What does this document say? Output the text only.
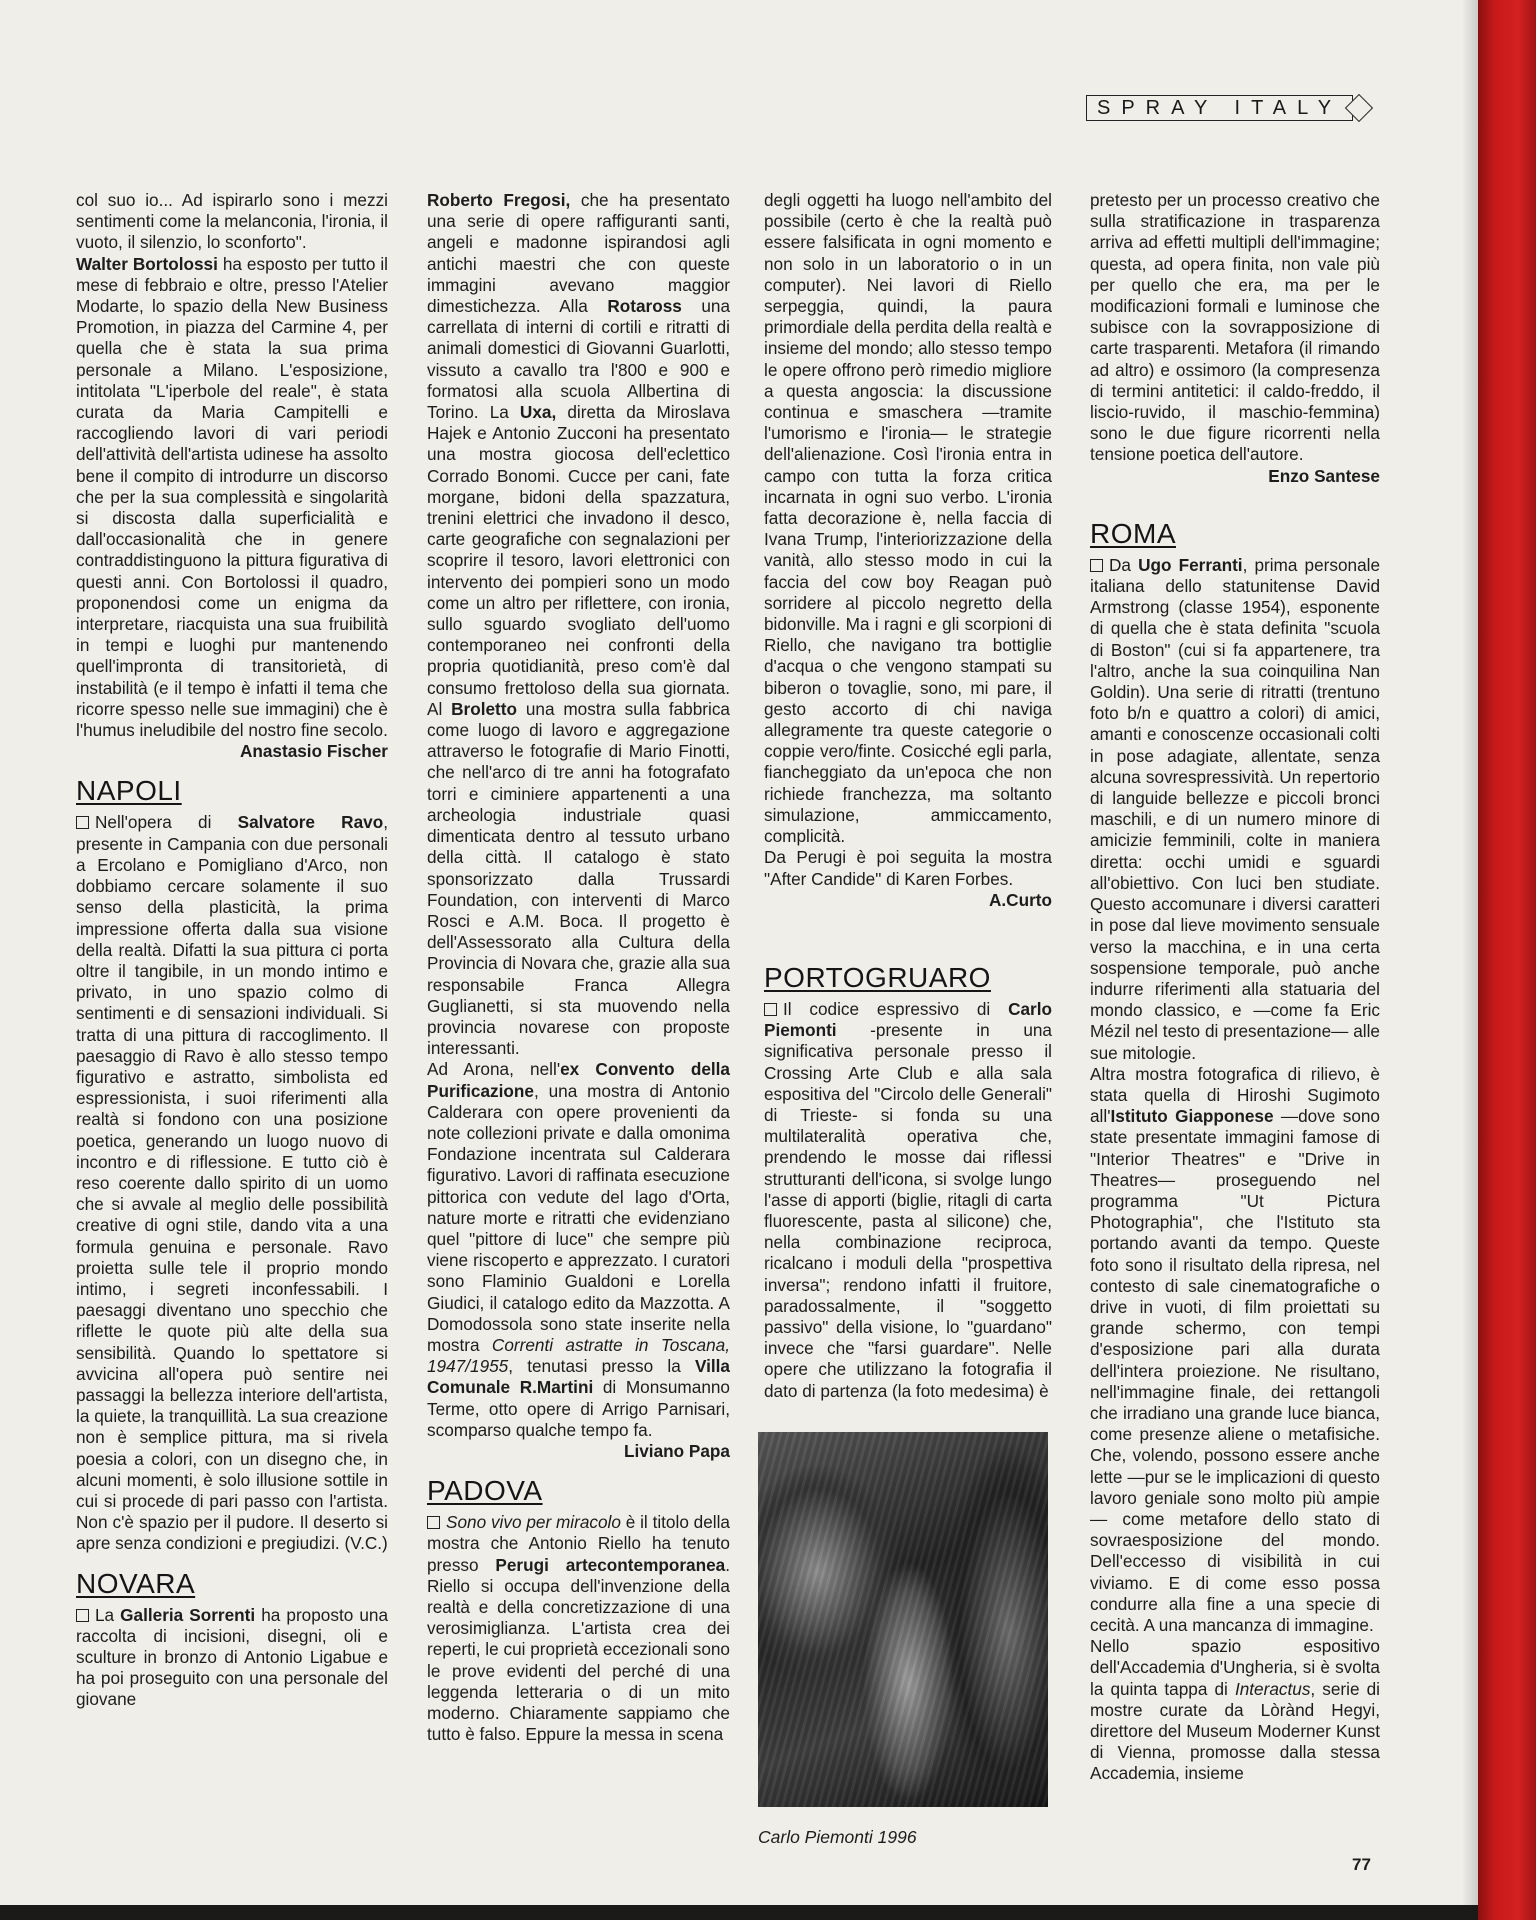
SPRAY ITALY

col suo io... Ad ispirarlo sono i mezzi sentimenti come la melanconia, l'ironia, il vuoto, il silenzio, lo sconforto".

Walter Bortolossi ha esposto per tutto il mese di febbraio e oltre, presso l'Atelier Modarte, lo spazio della New Business Promotion, in piazza del Carmine 4, per quella che è stata la sua prima personale a Milano. L'esposizione, intitolata "L'iperbole del reale", è stata curata da Maria Campitelli e raccogliendo lavori di vari periodi dell'attività dell'artista udinese ha assolto bene il compito di introdurre un discorso che per la sua complessità e singolarità si discosta dalla superficialità e dall'occasionalità che in genere contraddistinguono la pittura figurativa di questi anni. Con Bortolossi il quadro, proponendosi come un enigma da interpretare, riacquista una sua fruibilità in tempi e luoghi pur mantenendo quell'impronta di transitorietà, di instabilità (e il tempo è infatti il tema che ricorre spesso nelle sue immagini) che è l'humus ineludibile del nostro fine secolo.

Anastasio Fischer

NAPOLI

Nell'opera di Salvatore Ravo, presente in Campania con due personali a Ercolano e Pomigliano d'Arco, non dobbiamo cercare solamente il suo senso della plasticità, la prima impressione offerta dalla sua visione della realtà. Difatti la sua pittura ci porta oltre il tangibile, in un mondo intimo e privato, in uno spazio colmo di sentimenti e di sensazioni individuali. Si tratta di una pittura di raccoglimento. Il paesaggio di Ravo è allo stesso tempo figurativo e astratto, simbolista ed espressionista, i suoi riferimenti alla realtà si fondono con una posizione poetica, generando un luogo nuovo di incontro e di riflessione. E tutto ciò è reso coerente dallo spirito di un uomo che si avvale al meglio delle possibilità creative di ogni stile, dando vita a una formula genuina e personale. Ravo proietta sulle tele il proprio mondo intimo, i segreti inconfessabili. I paesaggi diventano uno specchio che riflette le quote più alte della sua sensibilità. Quando lo spettatore si avvicina all'opera può sentire nei passaggi la bellezza interiore dell'artista, la quiete, la tranquillità. La sua creazione non è semplice pittura, ma si rivela poesia a colori, con un disegno che, in alcuni momenti, è solo illusione sottile in cui si procede di pari passo con l'artista. Non c'è spazio per il pudore. Il deserto si apre senza condizioni e pregiudizi. (V.C.)

NOVARA

La Galleria Sorrenti ha proposto una raccolta di incisioni, disegni, oli e sculture in bronzo di Antonio Ligabue e ha poi proseguito con una personale del giovane

Roberto Fregosi, che ha presentato una serie di opere raffiguranti santi, angeli e madonne ispirandosi agli antichi maestri che con queste immagini avevano maggior dimestichezza. Alla Rotaross una carrellata di interni di cortili e ritratti di animali domestici di Giovanni Guarlotti, vissuto a cavallo tra l'800 e 900 e formatosi alla scuola Allbertina di Torino. La Uxa, diretta da Miroslava Hajek e Antonio Zucconi ha presentato una mostra giocosa dell'eclettico Corrado Bonomi. Cucce per cani, fate morgane, bidoni della spazzatura, trenini elettrici che invadono il desco, carte geografiche con segnalazioni per scoprire il tesoro, lavori elettronici con intervento dei pompieri sono un modo come un altro per riflettere, con ironia, sullo sguardo svogliato dell'uomo contemporaneo nei confronti della propria quotidianità, preso com'è dal consumo frettoloso della sua giornata. Al Broletto una mostra sulla fabbrica come luogo di lavoro e aggregazione attraverso le fotografie di Mario Finotti, che nell'arco di tre anni ha fotografato torri e ciminiere appartenenti a una archeologia industriale quasi dimenticata dentro al tessuto urbano della città. Il catalogo è stato sponsorizzato dalla Trussardi Foundation, con interventi di Marco Rosci e A.M. Boca. Il progetto è dell'Assessorato alla Cultura della Provincia di Novara che, grazie alla sua responsabile Franca Allegra Guglianetti, si sta muovendo nella provincia novarese con proposte interessanti.

Ad Arona, nell'ex Convento della Purificazione, una mostra di Antonio Calderara con opere provenienti da note collezioni private e dalla omonima Fondazione incentrata sul Calderara figurativo. Lavori di raffinata esecuzione pittorica con vedute del lago d'Orta, nature morte e ritratti che evidenziano quel "pittore di luce" che sempre più viene riscoperto e apprezzato. I curatori sono Flaminio Gualdoni e Lorella Giudici, il catalogo edito da Mazzotta. A Domodossola sono state inserite nella mostra Correnti astratte in Toscana, 1947/1955, tenutasi presso la Villa Comunale R.Martini di Monsumanno Terme, otto opere di Arrigo Parnisari, scomparso qualche tempo fa.

Liviano Papa

PADOVA

Sono vivo per miracolo è il titolo della mostra che Antonio Riello ha tenuto presso Perugi artecontemporanea. Riello si occupa dell'invenzione della realtà e della concretizzazione di una verosimiglianza. L'artista crea dei reperti, le cui proprietà eccezionali sono le prove evidenti del perché di una leggenda letteraria o di un mito moderno. Chiaramente sappiamo che tutto è falso. Eppure la messa in scena

degli oggetti ha luogo nell'ambito del possibile (certo è che la realtà può essere falsificata in ogni momento e non solo in un laboratorio o in un computer). Nei lavori di Riello serpeggia, quindi, la paura primordiale della perdita della realtà e insieme del mondo; allo stesso tempo le opere offrono però rimedio migliore a questa angoscia: la discussione continua e smaschera —tramite l'umorismo e l'ironia— le strategie dell'alienazione. Così l'ironia entra in campo con tutta la forza critica incarnata in ogni suo verbo. L'ironia fatta decorazione è, nella faccia di Ivana Trump, l'interiorizzazione della vanità, allo stesso modo in cui la faccia del cow boy Reagan può sorridere al piccolo negretto della bidonville. Ma i ragni e gli scorpioni di Riello, che navigano tra bottiglie d'acqua o che vengono stampati su biberon o tovaglie, sono, mi pare, il gesto accorto di chi naviga allegramente tra queste categorie o coppie vero/finte. Cosicché egli parla, fiancheggiato da un'epoca che non richiede franchezza, ma soltanto simulazione, ammiccamento, complicità.

Da Perugi è poi seguita la mostra "After Candide" di Karen Forbes.

A.Curto

PORTOGRUARO

Il codice espressivo di Carlo Piemonti -presente in una significativa personale presso il Crossing Arte Club e alla sala espositiva del "Circolo delle Generali" di Trieste- si fonda su una multilateralità operativa che, prendendo le mosse dai riflessi strutturanti dell'icona, si svolge lungo l'asse di apporti (biglie, ritagli di carta fluorescente, pasta al silicone) che, nella combinazione reciproca, ricalcano i moduli della "prospettiva inversa"; rendono infatti il fruitore, paradossalmente, il "soggetto passivo" della visione, lo "guardano" invece che "farsi guardare". Nelle opere che utilizzano la fotografia il dato di partenza (la foto medesima) è

Carlo Piemonti 1996

pretesto per un processo creativo che sulla stratificazione in trasparenza arriva ad effetti multipli dell'immagine; questa, ad opera finita, non vale più per quello che era, ma per le modificazioni formali e luminose che subisce con la sovrapposizione di carte trasparenti. Metafora (il rimando ad altro) e ossimoro (la compresenza di termini antitetici: il caldo-freddo, il liscio-ruvido, il maschio-femmina) sono le due figure ricorrenti nella tensione poetica dell'autore.

Enzo Santese

ROMA

Da Ugo Ferranti, prima personale italiana dello statunitense David Armstrong (classe 1954), esponente di quella che è stata definita "scuola di Boston" (cui si fa appartenere, tra l'altro, anche la sua coinquilina Nan Goldin). Una serie di ritratti (trentuno foto b/n e quattro a colori) di amici, amanti e conoscenze occasionali colti in pose adagiate, allentate, senza alcuna sovrespressività. Un repertorio di languide bellezze e piccoli bronci maschili, e di un numero minore di amicizie femminili, colte in maniera diretta: occhi umidi e sguardi all'obiettivo. Con luci ben studiate. Questo accomunare i diversi caratteri in pose dal lieve movimento sensuale verso la macchina, e in una certa sospensione temporale, può anche indurre riferimenti alla statuaria del mondo classico, e —come fa Eric Mézil nel testo di presentazione— alle sue mitologie.

Altra mostra fotografica di rilievo, è stata quella di Hiroshi Sugimoto all'Istituto Giapponese —dove sono state presentate immagini famose di "Interior Theatres" e "Drive in Theatres— proseguendo nel programma "Ut Pictura Photographia", che l'Istituto sta portando avanti da tempo. Queste foto sono il risultato della ripresa, nel contesto di sale cinematografiche o drive in vuoti, di film proiettati su grande schermo, con tempi d'esposizione pari alla durata dell'intera proiezione. Ne risultano, nell'immagine finale, dei rettangoli che irradiano una grande luce bianca, come presenze aliene o metafisiche. Che, volendo, possono essere anche lette —pur se le implicazioni di questo lavoro geniale sono molto più ampie— come metafore dello stato di sovraesposizione del mondo. Dell'eccesso di visibilità in cui viviamo. E di come esso possa condurre alla fine a una specie di cecità. A una mancanza di immagine.

Nello spazio espositivo dell'Accademia d'Ungheria, si è svolta la quinta tappa di Interactus, serie di mostre curate da Lòrànd Hegyi, direttore del Museum Moderner Kunst di Vienna, promosse dalla stessa Accademia, insieme

77
